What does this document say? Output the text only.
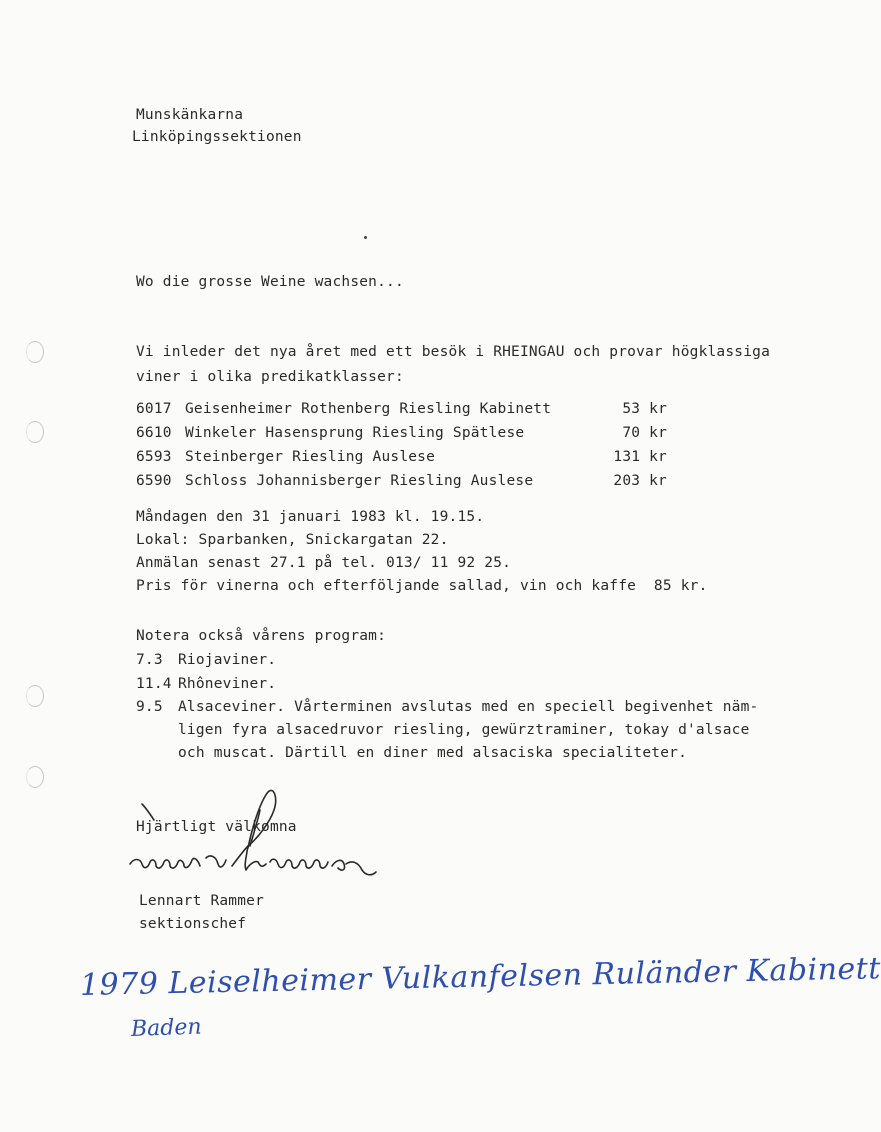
Munskänkarna
Linköpingssektionen
Wo die grosse Weine wachsen...
Vi inleder det nya året med ett besök i RHEINGAU och provar högklassiga
viner i olika predikatklasser:
6017 Geisenheimer Rothenberg Riesling Kabinett	53 kr
6610 Winkeler Hasensprung Riesling Spätlese	70 kr
6593 Steinberger Riesling Auslese	131 kr
6590 Schloss Johannisberger Riesling Auslese	203 kr
Måndagen den 31 januari 1983 kl. 19.15.
Lokal: Sparbanken, Snickargatan 22.
Anmälan senast 27.1 på tel. 013/ 11 92 25.
Pris för vinerna och efterföljande sallad, vin och kaffe  85 kr.
Notera också vårens program:
7.3 Riojaviner.
11.4 Rhôneviner.
9.5 Alsaceviner. Vårterminen avslutas med en speciell begivenhet näm-
ligen fyra alsacedruvor riesling, gewürztraminer, tokay d'alsace
och muscat. Därtill en diner med alsaciska specialiteter.
Hjärtligt välkomna
Lennart Rammer
sektionschef
1979 Leiselheimer Vulkanfelsen Ruländer Kabinett
Baden
